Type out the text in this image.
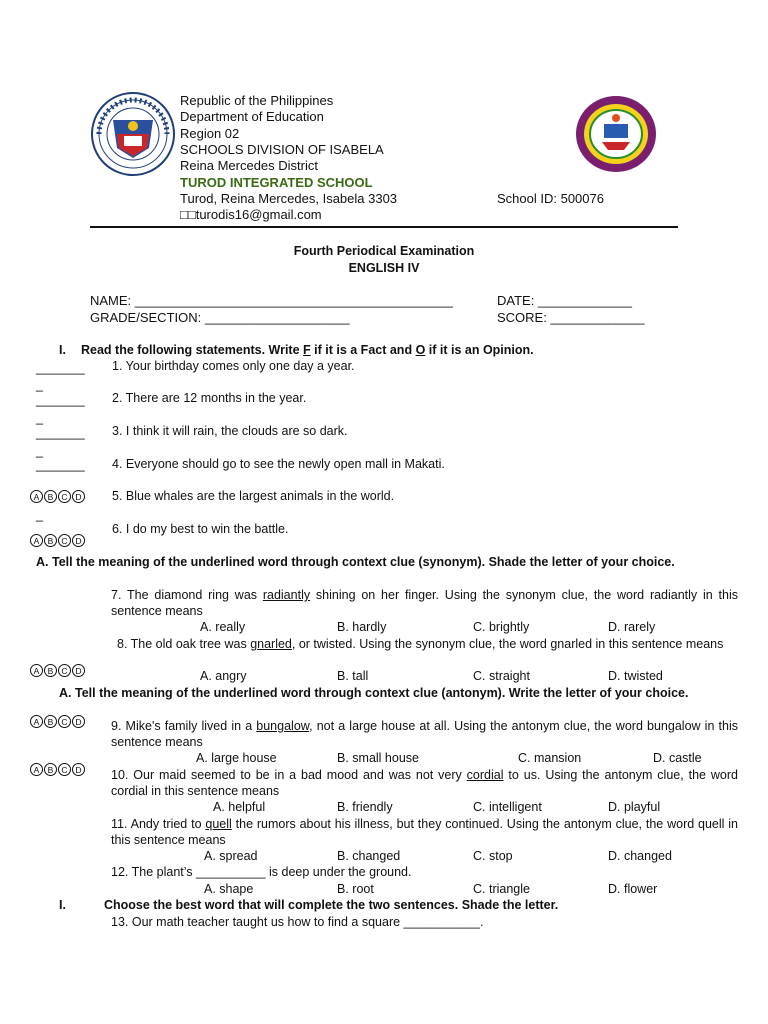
Republic of the Philippines
Department of Education
Region 02
SCHOOLS DIVISION OF ISABELA
Reina Mercedes District
TUROD INTEGRATED SCHOOL
Turod, Reina Mercedes, Isabela 3303
□□turodis16@gmail.com
School ID: 500076
Fourth Periodical Examination
ENGLISH IV
NAME: ____________________________________________
GRADE/SECTION: ____________________
DATE: _____________
SCORE: _____________
I. Read the following statements. Write F if it is a Fact and O if it is an Opinion.
_______
_
1. Your birthday comes only one day a year.
_______
_
2. There are 12 months in the year.
_______
_
3. I think it will rain, the clouds are so dark.
_______ 4. Everyone should go to see the newly open mall in Makati.
A B C D 5. Blue whales are the largest animals in the world.
_
6. I do my best to win the battle.
A B C D
A. Tell the meaning of the underlined word through context clue (synonym). Shade the letter of your choice.
7. The diamond ring was radiantly shining on her finger. Using the synonym clue, the word radiantly in this sentence means
A. really	B. hardly	C. brightly	D. rarely
8. The old oak tree was gnarled, or twisted. Using the synonym clue, the word gnarled in this sentence means
A B C D	A. angry	B. tall	C. straight	D. twisted
A. Tell the meaning of the underlined word through context clue (antonym). Write the letter of your choice.
A B C D 9. Mike's family lived in a bungalow, not a large house at all. Using the antonym clue, the word bungalow in this sentence means
A. large house	B. small house	C. mansion	D. castle
A B C D 10. Our maid seemed to be in a bad mood and was not very cordial to us. Using the antonym clue, the word cordial in this sentence means
A. helpful	B. friendly	C. intelligent	D. playful
11. Andy tried to quell the rumors about his illness, but they continued. Using the antonym clue, the word quell in this sentence means
A. spread	B. changed	C. stop	D. changed
12. The plant’s __________ is deep under the ground.
A. shape	B. root	C. triangle	D. flower
I.	Choose the best word that will complete the two sentences. Shade the letter.
13. Our math teacher taught us how to find a square ___________.
